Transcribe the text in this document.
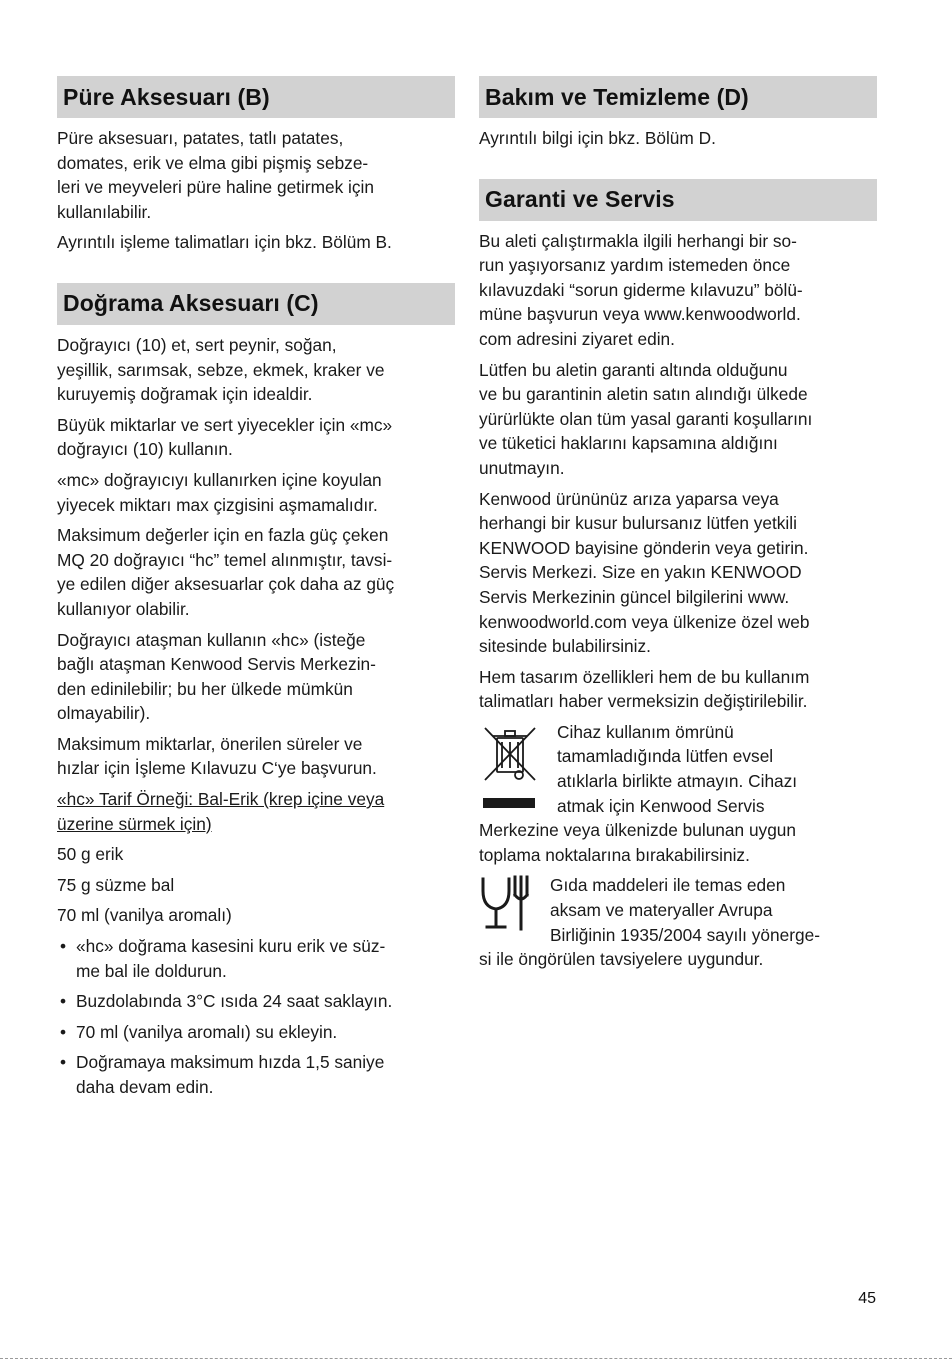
Püre Aksesuarı (B)
Püre aksesuarı, patates, tatlı patates,
domates, erik ve elma gibi pişmiş sebze-
leri ve meyveleri püre haline getirmek için
kullanılabilir.
Ayrıntılı işleme talimatları için bkz. Bölüm B.
Doğrama Aksesuarı (C)
Doğrayıcı (10) et, sert peynir, soğan,
yeşillik, sarımsak, sebze, ekmek, kraker ve
kuruyemiş doğramak için idealdir.
Büyük miktarlar ve sert yiyecekler için «mc»
doğrayıcı (10) kullanın.
«mc» doğrayıcıyı kullanırken içine koyulan
yiyecek miktarı max çizgisini aşmamalıdır.
Maksimum değerler için en fazla güç çeken
MQ 20 doğrayıcı “hc” temel alınmıştır, tavsi-
ye edilen diğer aksesuarlar çok daha az güç
kullanıyor olabilir.
Doğrayıcı ataşman kullanın «hc» (isteğe
bağlı ataşman Kenwood Servis Merkezin-
den edinilebilir; bu her ülkede mümkün
olmayabilir).
Maksimum miktarlar, önerilen süreler ve
hızlar için İşleme Kılavuzu C‘ye başvurun.
«hc» Tarif Örneği: Bal-Erik (krep içine veya
üzerine sürmek için)
50 g erik
75 g süzme bal
70 ml (vanilya aromalı)
• «hc» doğrama kasesini kuru erik ve süz-
me bal ile doldurun.
• Buzdolabında 3°C ısıda 24 saat saklayın.
• 70 ml (vanilya aromalı) su ekleyin.
• Doğramaya maksimum hızda 1,5 saniye
daha devam edin.
Bakım ve Temizleme (D)
Ayrıntılı bilgi için bkz. Bölüm D.
Garanti ve Servis
Bu aleti çalıştırmakla ilgili herhangi bir so-
run yaşıyorsanız yardım istemeden önce
kılavuzdaki “sorun giderme kılavuzu” bölü-
müne başvurun veya www.kenwoodworld.
com adresini ziyaret edin.
Lütfen bu aletin garanti altında olduğunu
ve bu garantinin aletin satın alındığı ülkede
yürürlükte olan tüm yasal garanti koşullarını
ve tüketici haklarını kapsamına aldığını
unutmayın.
Kenwood ürününüz arıza yaparsa veya
herhangi bir kusur bulursanız lütfen yetkili
KENWOOD bayisine gönderin veya getirin.
Servis Merkezi. Size en yakın KENWOOD
Servis Merkezinin güncel bilgilerini www.
kenwoodworld.com veya ülkenize özel web
sitesinde bulabilirsiniz.
Hem tasarım özellikleri hem de bu kullanım
talimatları haber vermeksizin değiştirilebilir.
Cihaz kullanım ömrünü
tamamladığında lütfen evsel
atıklarla birlikte atmayın. Cihazı
atmak için Kenwood Servis
Merkezine veya ülkenizde bulunan uygun
toplama noktalarına bırakabilirsiniz.
Gıda maddeleri ile temas eden
aksam ve materyaller Avrupa
Birliğinin 1935/2004 sayılı yönerge-
si ile öngörülen tavsiyelere uygundur.
45
